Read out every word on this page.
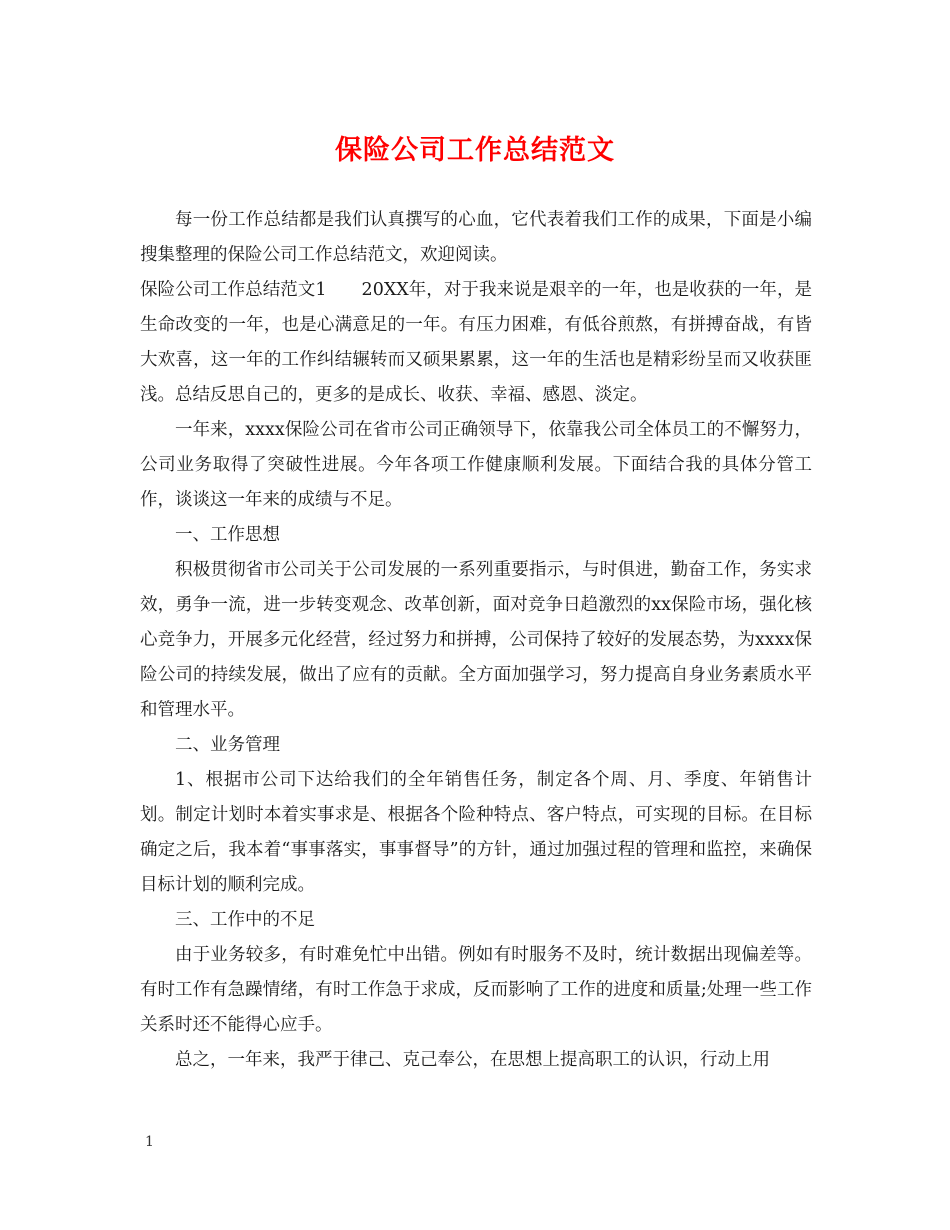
保险公司工作总结范文

每一份工作总结都是我们认真撰写的心血，它代表着我们工作的成果，下面是小编搜集整理的保险公司工作总结范文，欢迎阅读。

保险公司工作总结范文1　　20XX年，对于我来说是艰辛的一年，也是收获的一年，是生命改变的一年，也是心满意足的一年。有压力困难，有低谷煎熬，有拼搏奋战，有皆大欢喜，这一年的工作纠结辗转而又硕果累累，这一年的生活也是精彩纷呈而又收获匪浅。总结反思自己的，更多的是成长、收获、幸福、感恩、淡定。

一年来，xxxx保险公司在省市公司正确领导下，依靠我公司全体员工的不懈努力，公司业务取得了突破性进展。今年各项工作健康顺利发展。下面结合我的具体分管工作，谈谈这一年来的成绩与不足。

一、工作思想

积极贯彻省市公司关于公司发展的一系列重要指示，与时俱进，勤奋工作，务实求效，勇争一流，进一步转变观念、改革创新，面对竞争日趋激烈的xx保险市场，强化核心竞争力，开展多元化经营，经过努力和拼搏，公司保持了较好的发展态势，为xxxx保险公司的持续发展，做出了应有的贡献。全方面加强学习，努力提高自身业务素质水平和管理水平。

二、业务管理

1、根据市公司下达给我们的全年销售任务，制定各个周、月、季度、年销售计划。制定计划时本着实事求是、根据各个险种特点、客户特点，可实现的目标。在目标确定之后，我本着“事事落实，事事督导”的方针，通过加强过程的管理和监控，来确保目标计划的顺利完成。

三、工作中的不足

由于业务较多，有时难免忙中出错。例如有时服务不及时，统计数据出现偏差等。有时工作有急躁情绪，有时工作急于求成，反而影响了工作的进度和质量;处理一些工作关系时还不能得心应手。

总之，一年来，我严于律己、克己奉公，在思想上提高职工的认识，行动上用

1
